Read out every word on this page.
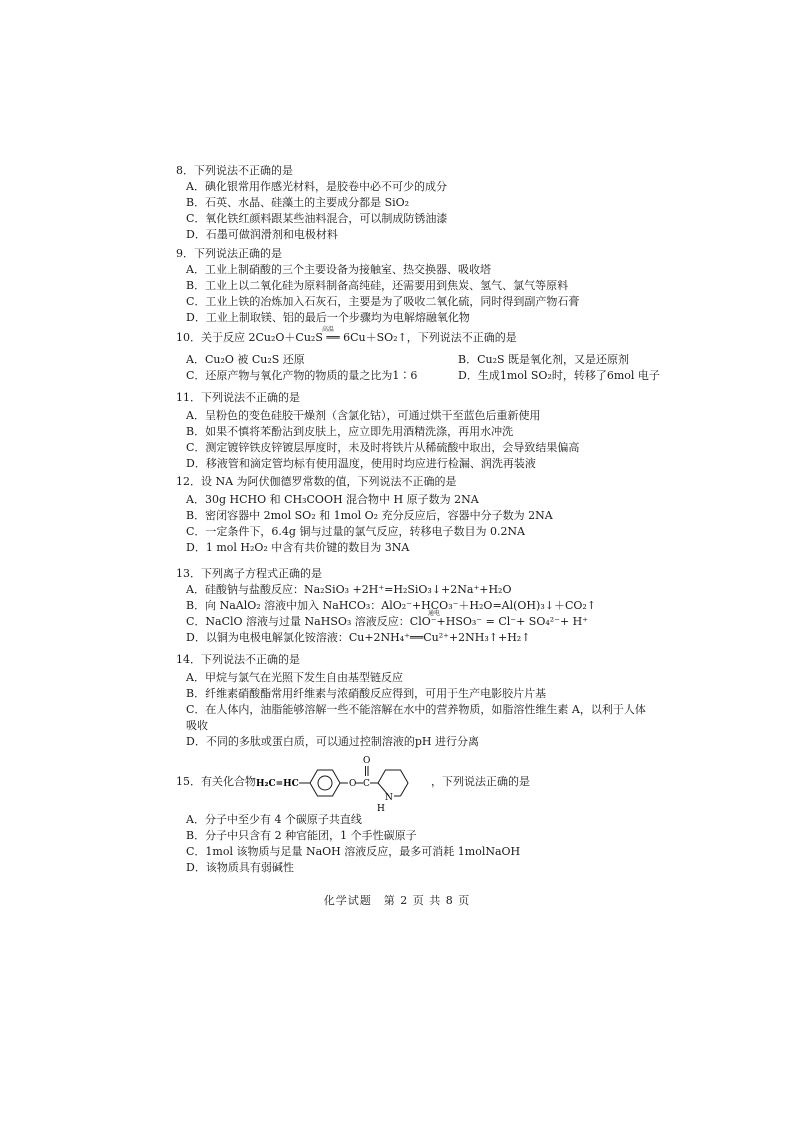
8．下列说法不正确的是
A．碘化银常用作感光材料，是胶卷中必不可少的成分
B．石英、水晶、硅藻土的主要成分都是 SiO₂
C．氧化铁红颜料跟某些油料混合，可以制成防锈油漆
D．石墨可做润滑剂和电极材料
9．下列说法正确的是
A．工业上制硝酸的三个主要设备为接触室、热交换器、吸收塔
B．工业上以二氧化硅为原料制备高纯硅，还需要用到焦炭、氢气、氯气等原料
C．工业上铁的冶炼加入石灰石，主要是为了吸收二氧化硫，同时得到副产物石膏
D．工业上制取镁、铝的最后一个步骤均为电解熔融氧化物
10．关于反应 2Cu₂O＋Cu₂S ══ 6Cu＋SO₂↑，下列说法不正确的是
A．Cu₂O 被 Cu₂S 还原	B．Cu₂S 既是氧化剂，又是还原剂
C．还原产物与氧化产物的物质的量之比为1∶6	D．生成1mol SO₂时，转移了6mol 电子
11．下列说法不正确的是
A．呈粉色的变色硅胶干燥剂（含氯化钴），可通过烘干至蓝色后重新使用
B．如果不慎将苯酚沾到皮肤上，应立即先用酒精洗涤，再用水冲洗
C．测定镀锌铁皮锌镀层厚度时，未及时将铁片从稀硫酸中取出，会导致结果偏高
D．移液管和滴定管均标有使用温度，使用时均应进行检漏、润洗再装液
12．设 NA 为阿伏伽德罗常数的值，下列说法不正确的是
A．30g HCHO 和 CH₃COOH 混合物中 H 原子数为 2NA
B．密闭容器中 2mol SO₂ 和 1mol O₂ 充分反应后，容器中分子数为 2NA
C．一定条件下，6.4g 铜与过量的氯气反应，转移电子数目为 0.2NA
D．1 mol H₂O₂ 中含有共价键的数目为 3NA
13．下列离子方程式正确的是
A．硅酸钠与盐酸反应：Na₂SiO₃ +2H⁺=H₂SiO₃↓+2Na⁺+H₂O
B．向 NaAlO₂ 溶液中加入 NaHCO₃：AlO₂⁻+HCO₃⁻＋H₂O=Al(OH)₃↓＋CO₂↑
C．NaClO 溶液与过量 NaHSO₃ 溶液反应：ClO⁻+HSO₃⁻ = Cl⁻+ SO₄²⁻+ H⁺
D．以铜为电极电解氯化铵溶液：Cu+2NH₄⁺══Cu²⁺+2NH₃↑+H₂↑
14．下列说法不正确的是
A．甲烷与氯气在光照下发生自由基型链反应
B．纤维素硝酸酯常用纤维素与浓硝酸反应得到，可用于生产电影胶片片基
C．在人体内，油脂能够溶解一些不能溶解在水中的营养物质，如脂溶性维生素 A，以利于人体吸收
D．不同的多肽或蛋白质，可以通过控制溶液的pH 进行分离
15．有关化合物 H₂C=HC	O C
O
N
H
，下列说法正确的是
A．分子中至少有 4 个碳原子共直线
B．分子中只含有 2 种官能团，1 个手性碳原子
C．1mol 该物质与足量 NaOH 溶液反应，最多可消耗 1molNaOH
D．该物质具有弱碱性
化学试题　第 2 页 共 8 页
高温
通电
